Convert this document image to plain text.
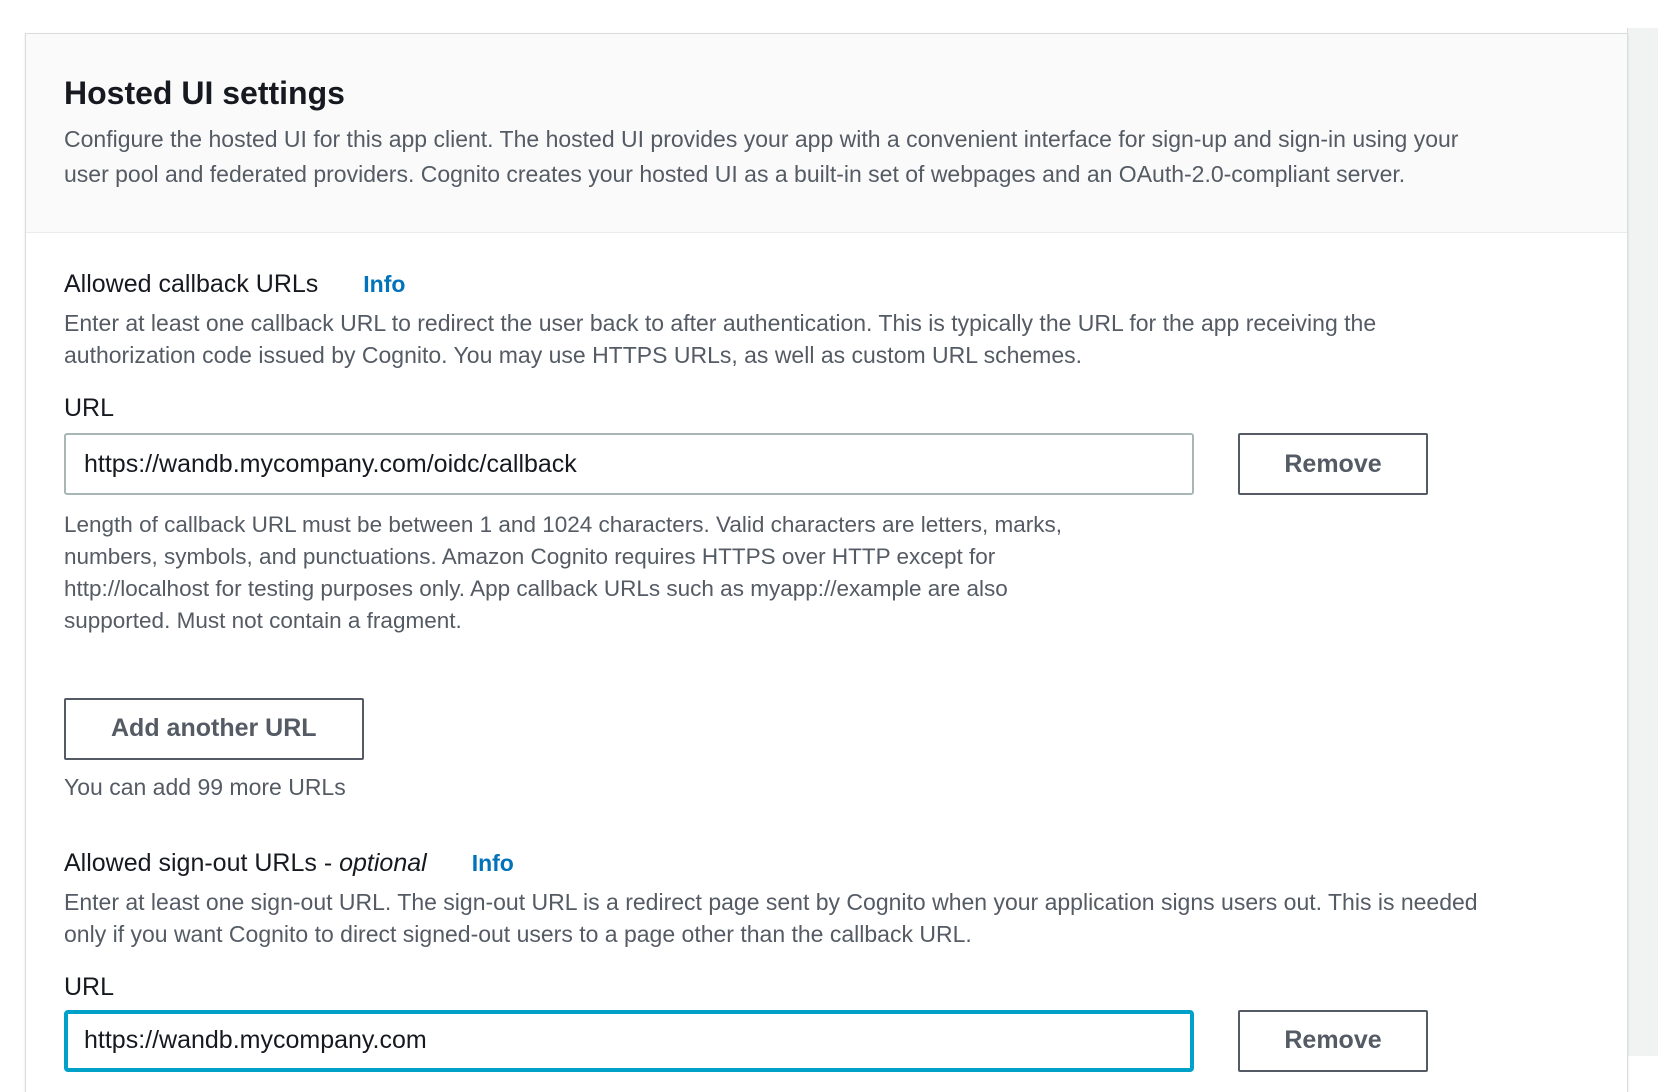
Hosted UI settings

Configure the hosted UI for this app client. The hosted UI provides your app with a convenient interface for sign-up and sign-in using your user pool and federated providers. Cognito creates your hosted UI as a built-in set of webpages and an OAuth-2.0-compliant server.

Allowed callback URLs Info

Enter at least one callback URL to redirect the user back to after authentication. This is typically the URL for the app receiving the authorization code issued by Cognito. You may use HTTPS URLs, as well as custom URL schemes.

URL
https://wandb.mycompany.com/oidc/callback
Remove

Length of callback URL must be between 1 and 1024 characters. Valid characters are letters, marks, numbers, symbols, and punctuations. Amazon Cognito requires HTTPS over HTTP except for http://localhost for testing purposes only. App callback URLs such as myapp://example are also supported. Must not contain a fragment.

Add another URL
You can add 99 more URLs
Allowed sign-out URLs - optional Info

Enter at least one sign-out URL. The sign-out URL is a redirect page sent by Cognito when your application signs users out. This is needed only if you want Cognito to direct signed-out users to a page other than the callback URL.

URL
https://wandb.mycompany.com
Remove
